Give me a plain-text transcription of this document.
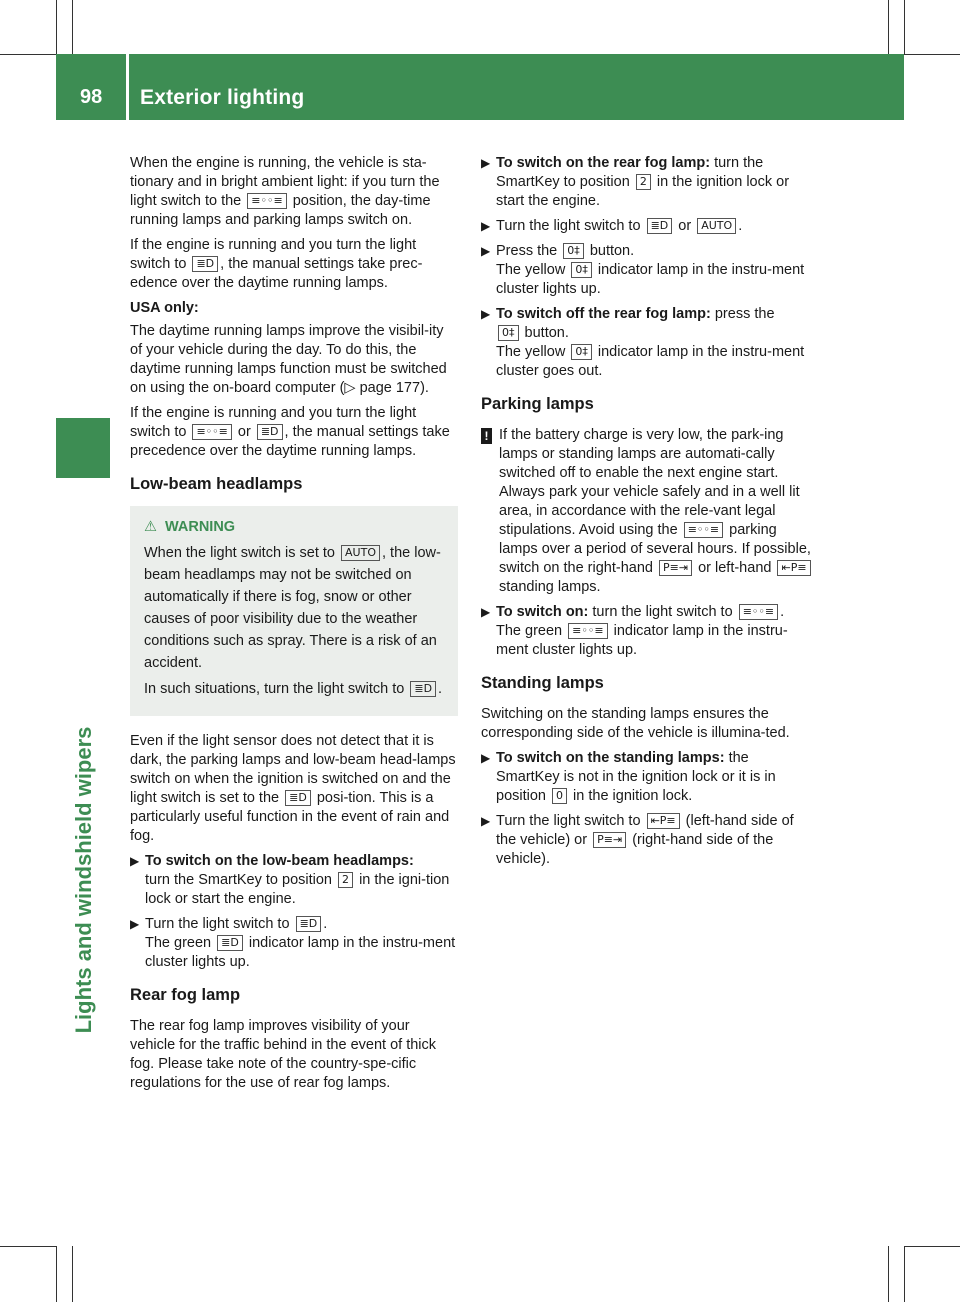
98 Exterior lighting
Lights and windshield wipers

When the engine is running, the vehicle is sta-tionary and in bright ambient light: if you turn the light switch to the ≡◦◦≡ position, the day-time running lamps and parking lamps switch on.

If the engine is running and you turn the light switch to ≣D , the manual settings take prec-edence over the daytime running lamps.

USA only:

The daytime running lamps improve the visibil-ity of your vehicle during the day. To do this, the daytime running lamps function must be switched on using the on-board computer (▷ page 177).

If the engine is running and you turn the light switch to ≡◦◦≡ or ≣D , the manual settings take precedence over the daytime running lamps.

Low-beam headlamps
⚠ WARNING

When the light switch is set to AUTO , the low-beam headlamps may not be switched on automatically if there is fog, snow or other causes of poor visibility due to the weather conditions such as spray. There is a risk of an accident.

In such situations, turn the light switch to ≣D .

Even if the light sensor does not detect that it is dark, the parking lamps and low-beam head-lamps switch on when the ignition is switched on and the light switch is set to the ≣D posi-tion. This is a particularly useful function in the event of rain and fog.

▶ To switch on the low-beam headlamps:
turn the SmartKey to position 2 in the igni-tion lock or start the engine.
▶ Turn the light switch to ≣D .
The green ≣D indicator lamp in the instru-ment cluster lights up.
Rear fog lamp

The rear fog lamp improves visibility of your vehicle for the traffic behind in the event of thick fog. Please take note of the country-spe-cific regulations for the use of rear fog lamps.

▶ To switch on the rear fog lamp: turn the SmartKey to position 2 in the ignition lock or start the engine.
▶ Turn the light switch to ≣D or AUTO .
▶ Press the 0‡ button.
The yellow 0‡ indicator lamp in the instru-ment cluster lights up.
▶ To switch off the rear fog lamp: press the
0‡ button.
The yellow 0‡ indicator lamp in the instru-ment cluster goes out.
Parking lamps
! If the battery charge is very low, the park-ing lamps or standing lamps are automati-cally switched off to enable the next engine start. Always park your vehicle safely and in a well lit area, in accordance with the rele-vant legal stipulations. Avoid using the ≡◦◦≡ parking lamps over a period of several hours. If possible, switch on the right-hand P≡⇥ or left-hand ⇤P≡ standing lamps.
▶ To switch on: turn the light switch to ≡◦◦≡ .
The green ≡◦◦≡ indicator lamp in the instru-ment cluster lights up.
Standing lamps

Switching on the standing lamps ensures the corresponding side of the vehicle is illumina-ted.

▶ To switch on the standing lamps: the SmartKey is not in the ignition lock or it is in position 0 in the ignition lock.
▶ Turn the light switch to ⇤P≡ (left-hand side of the vehicle) or P≡⇥ (right-hand side of the vehicle).
